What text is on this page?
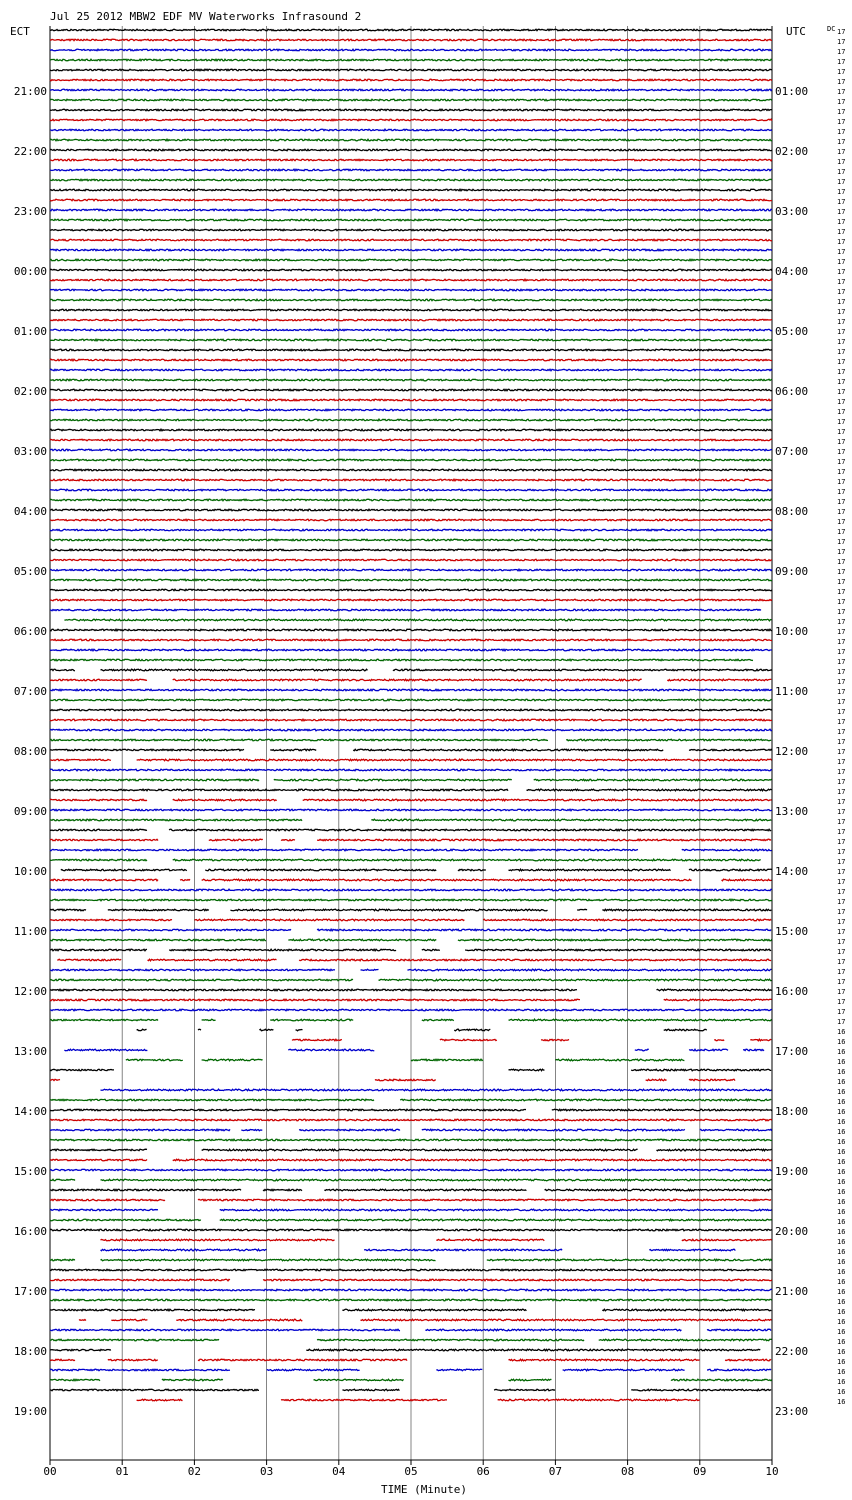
Jul 25 2012 MBW2 EDF MV Waterworks Infrasound 2
ECT	UTC	DC
21:00
22:00
23:00
00:00
01:00
02:00
03:00
04:00
05:00
06:00
07:00
08:00
09:00
10:00
11:00
12:00
13:00
14:00
15:00
16:00
17:00
18:00
19:00
01:00
02:00
03:00
04:00
05:00
06:00
07:00
08:00
09:00
10:00
11:00
12:00
13:00
14:00
15:00
16:00
17:00
18:00
19:00
20:00
21:00
22:00
23:00
17
17
17
17
17
17
17
17
17
17
17
17
17
17
17
17
17
17
17
17
17
17
17
17
17
17
17
17
17
17
17
17
17
17
17
17
17
17
17
17
17
17
17
17
17
17
17
17
17
17
17
17
17
17
17
17
17
17
17
17
17
17
17
17
17
17
17
17
17
17
17
17
17
17
17
17
17
17
17
17
17
17
17
17
17
17
17
17
17
17
17
17
17
17
17
17
17
17
17
17
16
16
16
16
16
16
16
16
16
16
16
16
16
16
16
16
16
16
16
16
16
16
16
16
16
16
16
16
16
16
16
16
16
16
16
16
16
16
00	01	02	03	04	05	06	07	08	09	10
TIME (Minute)
